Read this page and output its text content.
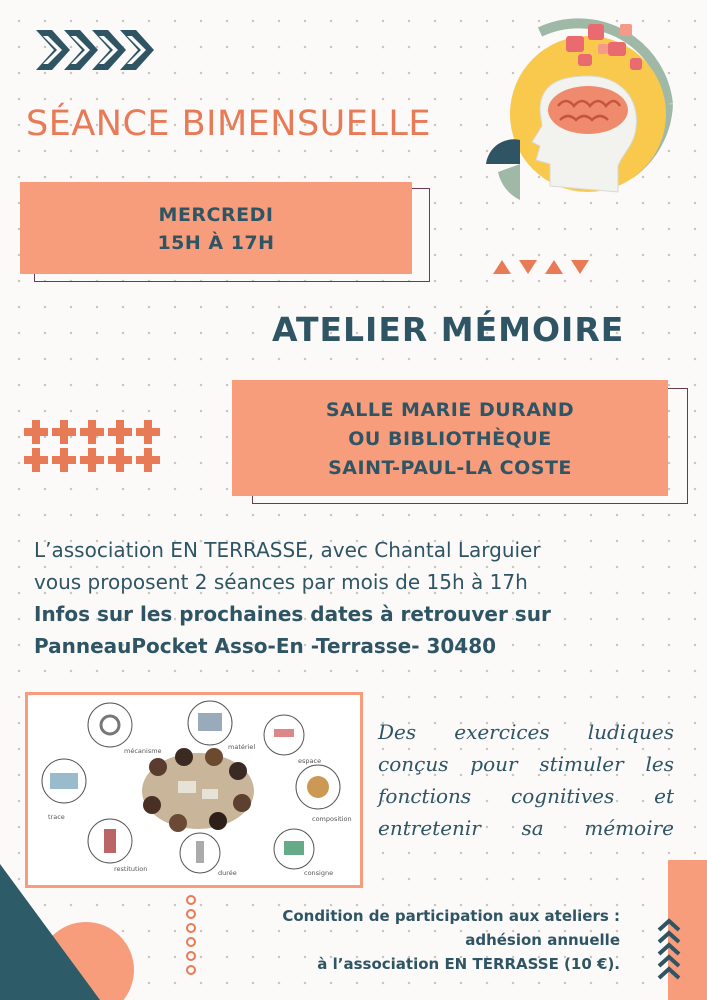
SÉANCE BIMENSUELLE
MERCREDI
15H À 17H
ATELIER MÉMOIRE
SALLE MARIE DURAND
OU BIBLIOTHÈQUE
SAINT-PAUL-LA COSTE
L’association EN TERRASSE, avec Chantal Larguier
vous proposent 2 séances par mois de 15h à 17h
Infos sur les prochaines dates à retrouver sur
PanneauPocket Asso-En -Terrasse- 30480
mécanisme	matériel
espace
composition
consigne
durée
restitution
trace
Des exercices ludiques
conçus pour stimuler les
fonctions cognitives et
entretenir sa mémoire
Condition de participation aux ateliers :
adhésion annuelle
à l’association EN TERRASSE (10 €).
